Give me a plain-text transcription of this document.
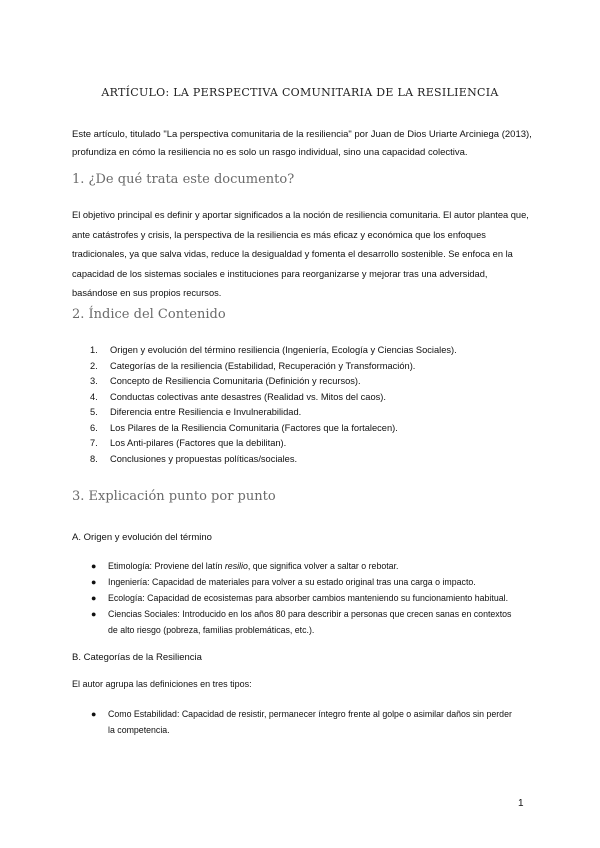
ARTÍCULO: LA PERSPECTIVA COMUNITARIA DE LA RESILIENCIA
Este artículo, titulado "La perspectiva comunitaria de la resiliencia" por Juan de Dios Uriarte Arciniega (2013), profundiza en cómo la resiliencia no es solo un rasgo individual, sino una capacidad colectiva.
1. ¿De qué trata este documento?
El objetivo principal es definir y aportar significados a la noción de resiliencia comunitaria. El autor plantea que, ante catástrofes y crisis, la perspectiva de la resiliencia es más eficaz y económica que los enfoques tradicionales, ya que salva vidas, reduce la desigualdad y fomenta el desarrollo sostenible. Se enfoca en la capacidad de los sistemas sociales e instituciones para reorganizarse y mejorar tras una adversidad, basándose en sus propios recursos.
2. Índice del Contenido
1. Origen y evolución del término resiliencia (Ingeniería, Ecología y Ciencias Sociales).
2. Categorías de la resiliencia (Estabilidad, Recuperación y Transformación).
3. Concepto de Resiliencia Comunitaria (Definición y recursos).
4. Conductas colectivas ante desastres (Realidad vs. Mitos del caos).
5. Diferencia entre Resiliencia e Invulnerabilidad.
6. Los Pilares de la Resiliencia Comunitaria (Factores que la fortalecen).
7. Los Anti-pilares (Factores que la debilitan).
8. Conclusiones y propuestas políticas/sociales.
3. Explicación punto por punto
A. Origen y evolución del término
● Etimología: Proviene del latín resilio, que significa volver a saltar o rebotar.
● Ingeniería: Capacidad de materiales para volver a su estado original tras una carga o impacto.
● Ecología: Capacidad de ecosistemas para absorber cambios manteniendo su funcionamiento habitual.
● Ciencias Sociales: Introducido en los años 80 para describir a personas que crecen sanas en contextos de alto riesgo (pobreza, familias problemáticas, etc.).
B. Categorías de la Resiliencia
El autor agrupa las definiciones en tres tipos:
● Como Estabilidad: Capacidad de resistir, permanecer íntegro frente al golpe o asimilar daños sin perder la competencia.
1
